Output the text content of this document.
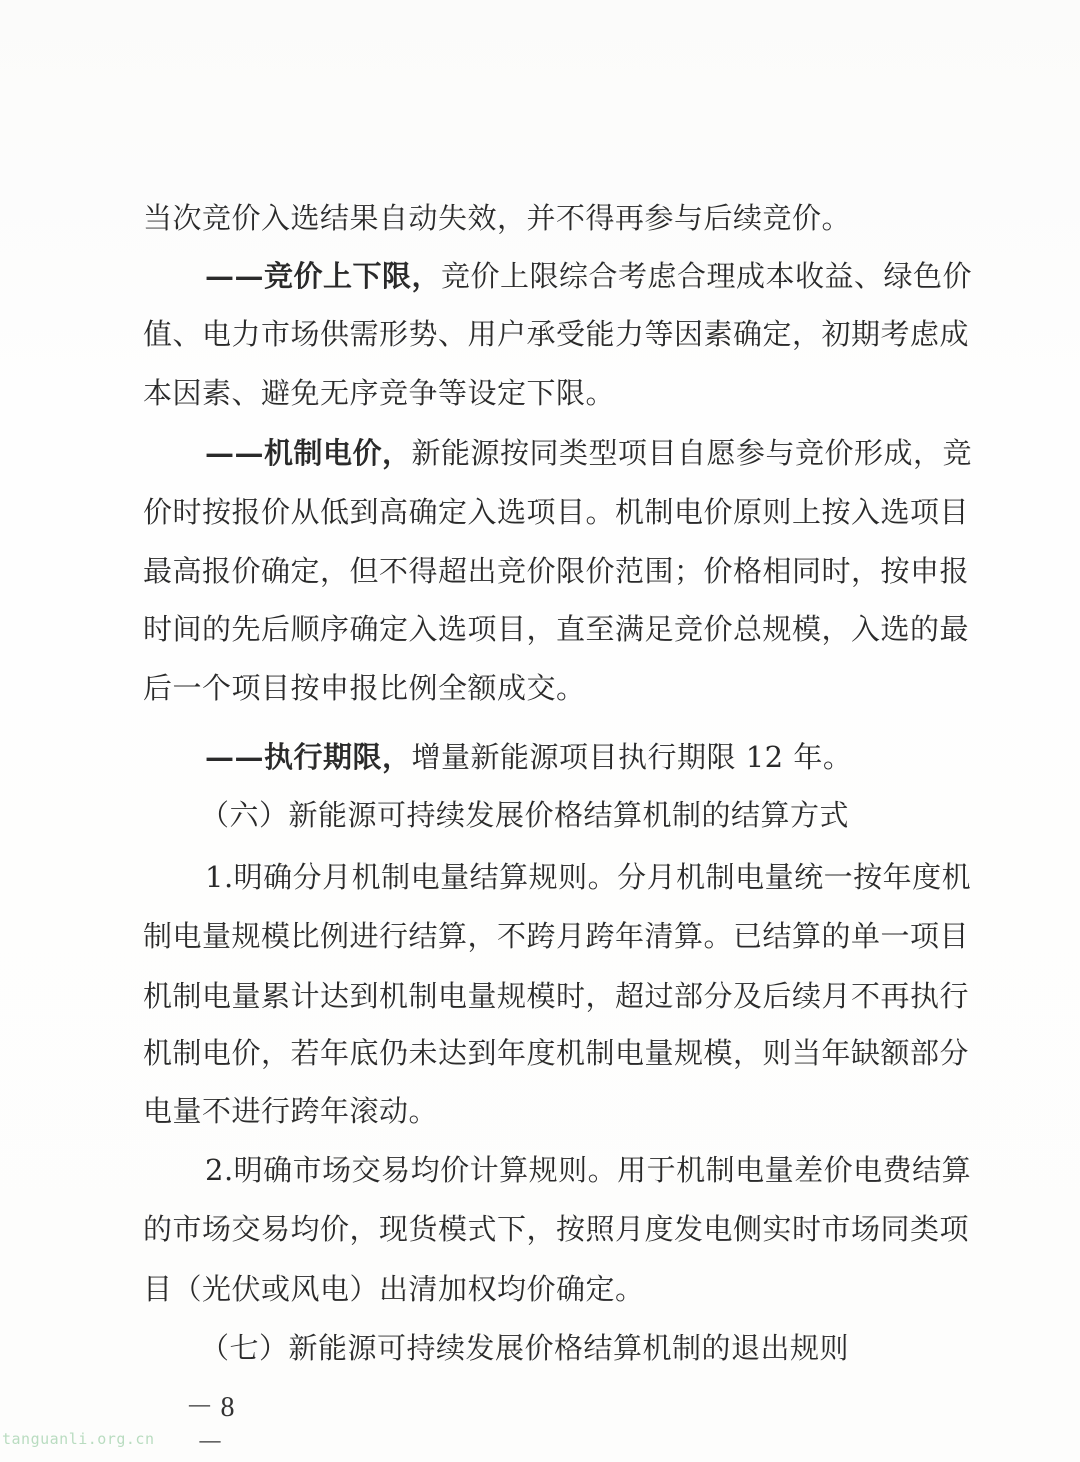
当次竞价入选结果自动失效，并不得再参与后续竞价。
——竞价上下限，竞价上限综合考虑合理成本收益、绿色价
值、电力市场供需形势、用户承受能力等因素确定，初期考虑成
本因素、避免无序竞争等设定下限。
——机制电价，新能源按同类型项目自愿参与竞价形成，竞
价时按报价从低到高确定入选项目。机制电价原则上按入选项目
最高报价确定，但不得超出竞价限价范围；价格相同时，按申报
时间的先后顺序确定入选项目，直至满足竞价总规模，入选的最
后一个项目按申报比例全额成交。
——执行期限，增量新能源项目执行期限 12 年。
（六）新能源可持续发展价格结算机制的结算方式
1.明确分月机制电量结算规则。分月机制电量统一按年度机
制电量规模比例进行结算，不跨月跨年清算。已结算的单一项目
机制电量累计达到机制电量规模时，超过部分及后续月不再执行
机制电价，若年底仍未达到年度机制电量规模，则当年缺额部分
电量不进行跨年滚动。
2.明确市场交易均价计算规则。用于机制电量差价电费结算
的市场交易均价，现货模式下，按照月度发电侧实时市场同类项
目（光伏或风电）出清加权均价确定。
（七）新能源可持续发展价格结算机制的退出规则
－ 8 －
tanguanli.org.cn
